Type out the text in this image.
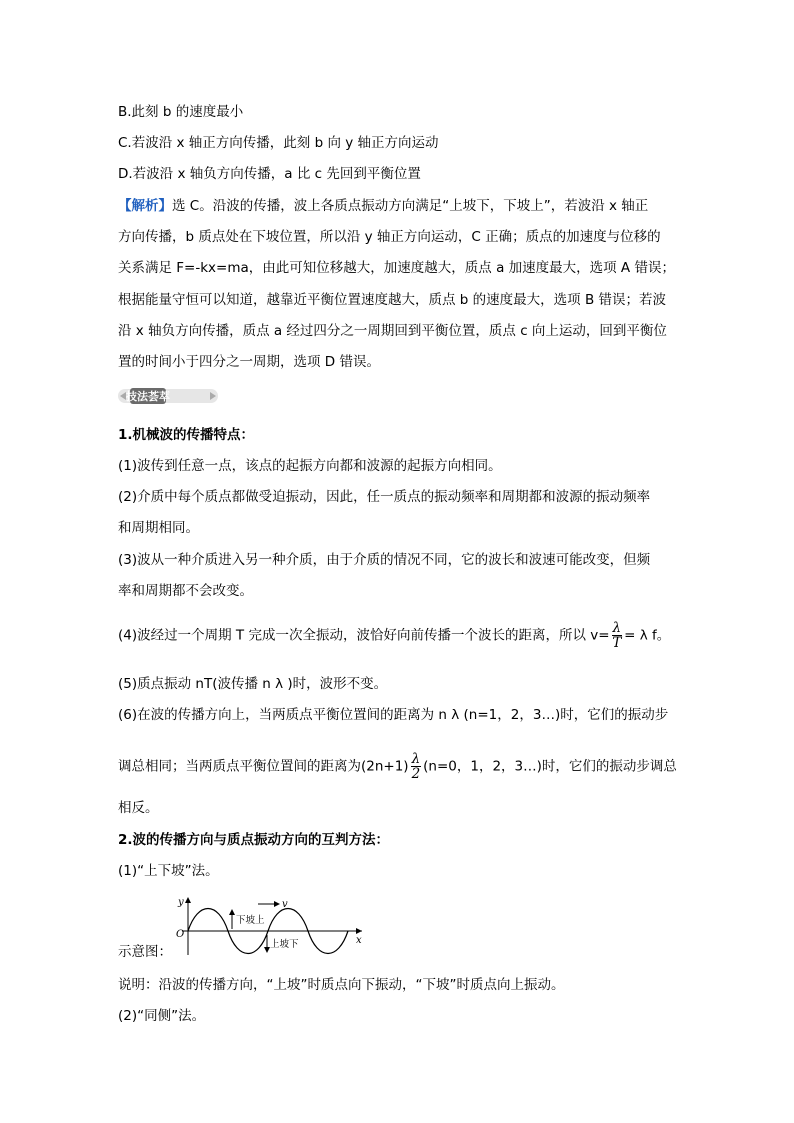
B.此刻 b 的速度最小
C.若波沿 x 轴正方向传播，此刻 b 向 y 轴正方向运动
D.若波沿 x 轴负方向传播，a 比 c 先回到平衡位置
【解析】选 C。沿波的传播，波上各质点振动方向满足“上坡下，下坡上”，若波沿 x 轴正
方向传播，b 质点处在下坡位置，所以沿 y 轴正方向运动，C 正确；质点的加速度与位移的
关系满足 F=-kx=ma，由此可知位移越大，加速度越大，质点 a 加速度最大，选项 A 错误；
根据能量守恒可以知道，越靠近平衡位置速度越大，质点 b 的速度最大，选项 B 错误；若波
沿 x 轴负方向传播，质点 a 经过四分之一周期回到平衡位置，质点 c 向上运动，回到平衡位
置的时间小于四分之一周期，选项 D 错误。
技法荟萃
1.机械波的传播特点：
(1)波传到任意一点，该点的起振方向都和波源的起振方向相同。
(2)介质中每个质点都做受迫振动，因此，任一质点的振动频率和周期都和波源的振动频率
和周期相同。
(3)波从一种介质进入另一种介质，由于介质的情况不同，它的波长和波速可能改变，但频
率和周期都不会改变。
(4)波经过一个周期 T 完成一次全振动，波恰好向前传播一个波长的距离，所以 $v= \frac{\lambda}{T} = \lambda$ f。
(5)质点振动 nT(波传播 n λ )时，波形不变。
(6)在波的传播方向上，当两质点平衡位置间的距离为 n λ (n=1，2，3…)时，它们的振动步
调总相同；当两质点平衡位置间的距离为$(2n+1) \frac{\lambda}{2} (n=0$，1，2，3…)时，它们的振动步调总
相反。
2.波的传播方向与质点振动方向的互判方法：
(1)“上下坡”法。
y
x
O
v
下坡上
上坡下
示意图：
说明：沿波的传播方向，“上坡”时质点向下振动，“下坡”时质点向上振动。
(2)“同侧”法。
